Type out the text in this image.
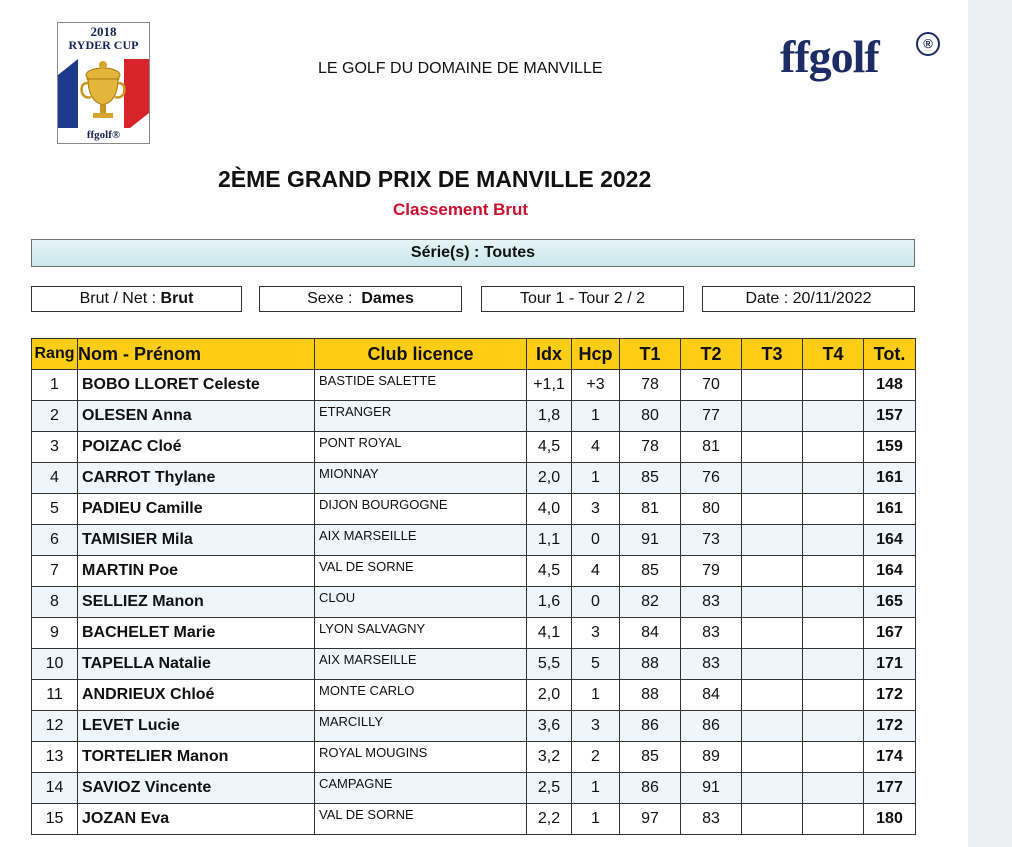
2018
RYDER CUP
ffgolf®
LE GOLF DU DOMAINE DE MANVILLE	ffgolf	®
2ÈME GRAND PRIX DE MANVILLE 2022
Classement Brut
Série(s) : Toutes
Brut / Net : Brut	Sexe : Dames	Tour 1 - Tour 2 / 2	Date : 20/11/2022
Rang	Nom - Prénom	Club licence	Idx	Hcp	T1	T2	T3	T4	Tot.
1	BOBO LLORET Celeste	BASTIDE SALETTE	+1,1	+3	78	70			148
2	OLESEN Anna	ETRANGER	1,8	1	80	77			157
3	POIZAC Cloé	PONT ROYAL	4,5	4	78	81			159
4	CARROT Thylane	MIONNAY	2,0	1	85	76			161
5	PADIEU Camille	DIJON BOURGOGNE	4,0	3	81	80			161
6	TAMISIER Mila	AIX MARSEILLE	1,1	0	91	73			164
7	MARTIN Poe	VAL DE SORNE	4,5	4	85	79			164
8	SELLIEZ Manon	CLOU	1,6	0	82	83			165
9	BACHELET Marie	LYON SALVAGNY	4,1	3	84	83			167
10	TAPELLA Natalie	AIX MARSEILLE	5,5	5	88	83			171
11	ANDRIEUX Chloé	MONTE CARLO	2,0	1	88	84			172
12	LEVET Lucie	MARCILLY	3,6	3	86	86			172
13	TORTELIER Manon	ROYAL MOUGINS	3,2	2	85	89			174
14	SAVIOZ Vincente	CAMPAGNE	2,5	1	86	91			177
15	JOZAN Eva	VAL DE SORNE	2,2	1	97	83			180
